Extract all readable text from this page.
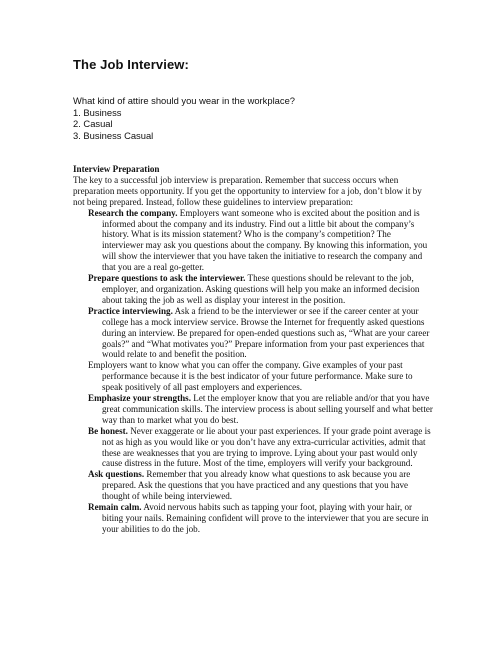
The Job Interview:
What kind of attire should you wear in the workplace?
1. Business
2. Casual
3. Business Casual
Interview Preparation

The key to a successful job interview is preparation. Remember that success occurs when preparation meets opportunity. If you get the opportunity to interview for a job, don’t blow it by not being prepared. Instead, follow these guidelines to interview preparation:

Research the company. Employers want someone who is excited about the position and is informed about the company and its industry. Find out a little bit about the company’s history. What is its mission statement? Who is the company’s competition? The interviewer may ask you questions about the company. By knowing this information, you will show the interviewer that you have taken the initiative to research the company and that you are a real go-getter.
Prepare questions to ask the interviewer. These questions should be relevant to the job, employer, and organization. Asking questions will help you make an informed decision about taking the job as well as display your interest in the position.
Practice interviewing. Ask a friend to be the interviewer or see if the career center at your college has a mock interview service. Browse the Internet for frequently asked questions during an interview. Be prepared for open-ended questions such as, “What are your career goals?” and “What motivates you?” Prepare information from your past experiences that would relate to and benefit the position.
Employers want to know what you can offer the company. Give examples of your past performance because it is the best indicator of your future performance. Make sure to speak positively of all past employers and experiences.
Emphasize your strengths. Let the employer know that you are reliable and/or that you have great communication skills. The interview process is about selling yourself and what better way than to market what you do best.
Be honest. Never exaggerate or lie about your past experiences. If your grade point average is not as high as you would like or you don’t have any extra-curricular activities, admit that these are weaknesses that you are trying to improve. Lying about your past would only cause distress in the future. Most of the time, employers will verify your background.
Ask questions. Remember that you already know what questions to ask because you are prepared. Ask the questions that you have practiced and any questions that you have thought of while being interviewed.
Remain calm. Avoid nervous habits such as tapping your foot, playing with your hair, or biting your nails. Remaining confident will prove to the interviewer that you are secure in your abilities to do the job.
